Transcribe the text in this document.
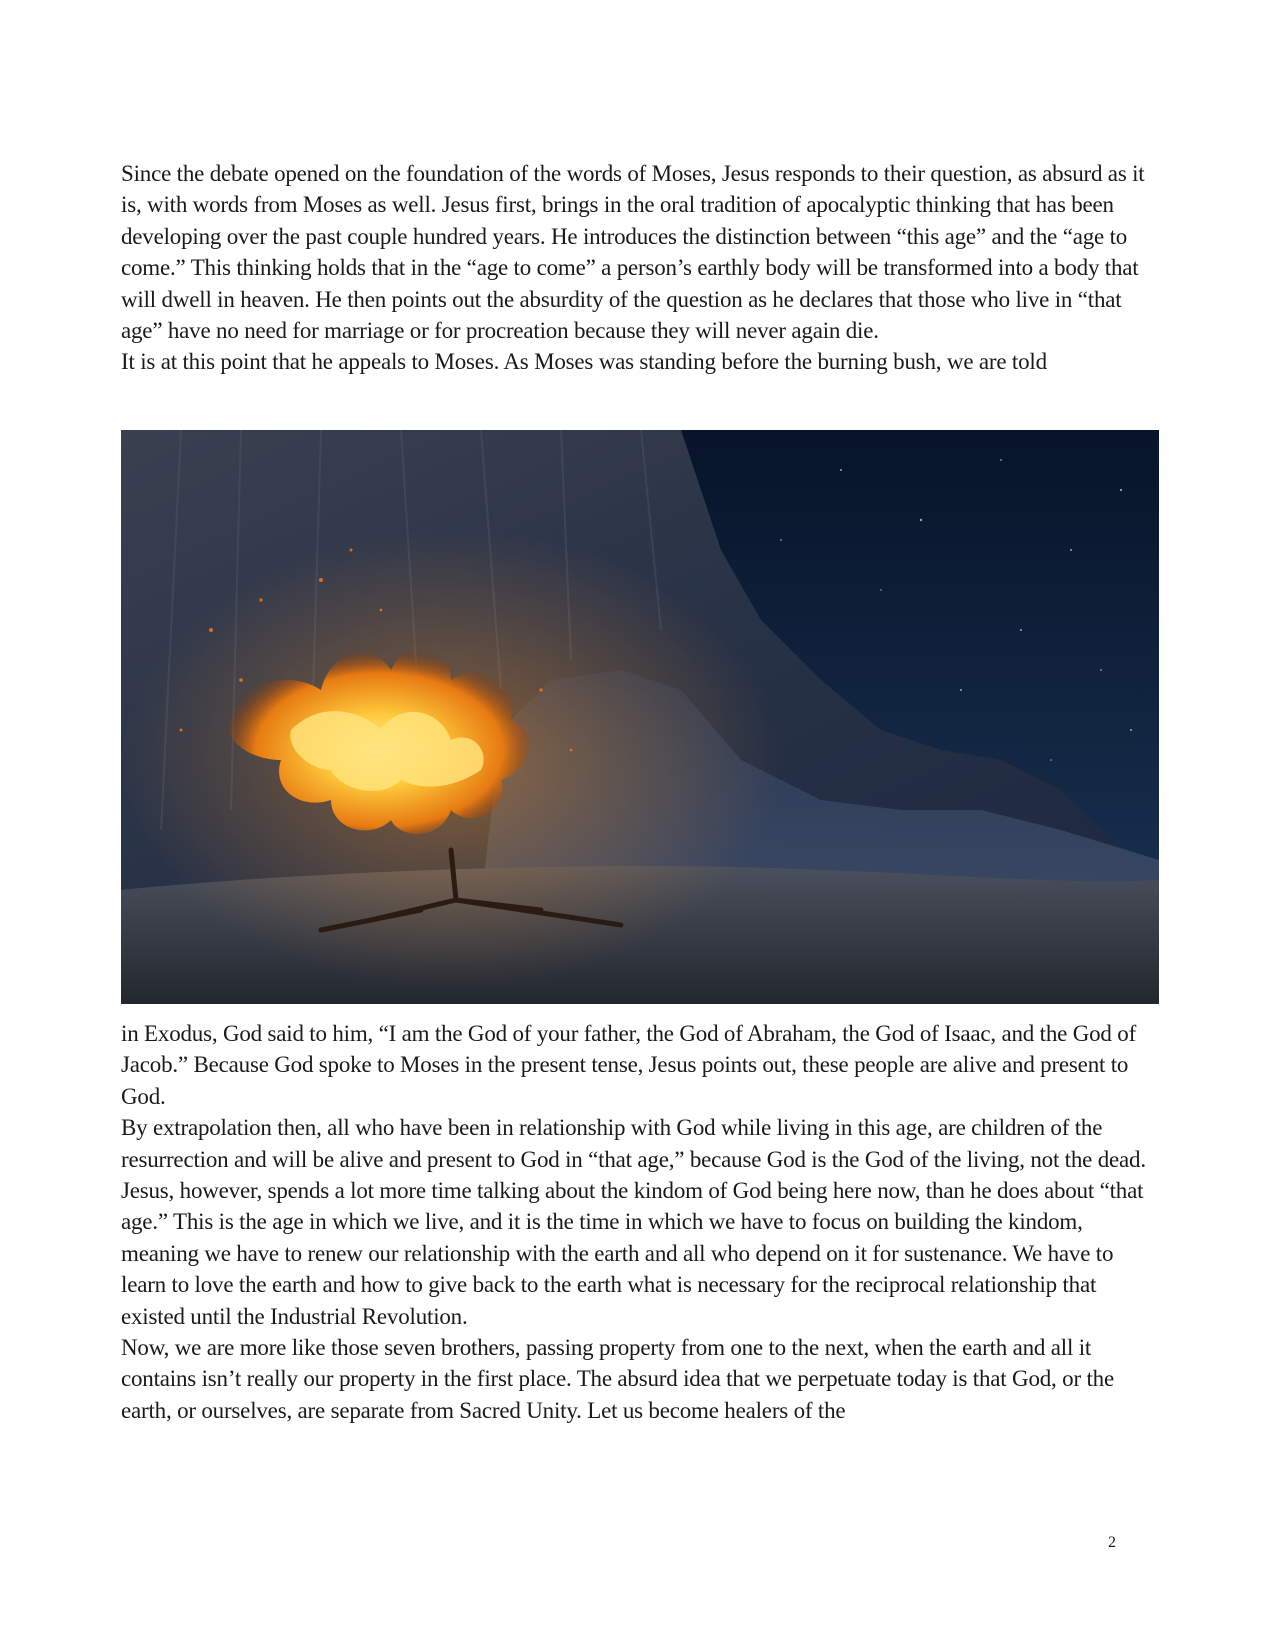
Since the debate opened on the foundation of the words of Moses, Jesus responds to their question, as absurd as it is, with words from Moses as well. Jesus first, brings in the oral tradition of apocalyptic thinking that has been developing over the past couple hundred years. He introduces the distinction between “this age” and the “age to come.” This thinking holds that in the “age to come” a person’s earthly body will be transformed into a body that will dwell in heaven. He then points out the absurdity of the question as he declares that those who live in “that age” have no need for marriage or for procreation because they will never again die.

It is at this point that he appeals to Moses. As Moses was standing before the burning bush, we are told

in Exodus, God said to him, “I am the God of your father, the God of Abraham, the God of Isaac, and the God of Jacob.” Because God spoke to Moses in the present tense, Jesus points out, these people are alive and present to God.

By extrapolation then, all who have been in relationship with God while living in this age, are children of the resurrection and will be alive and present to God in “that age,” because God is the God of the living, not the dead.

Jesus, however, spends a lot more time talking about the kindom of God being here now, than he does about “that age.” This is the age in which we live, and it is the time in which we have to focus on building the kindom, meaning we have to renew our relationship with the earth and all who depend on it for sustenance. We have to learn to love the earth and how to give back to the earth what is necessary for the reciprocal relationship that existed until the Industrial Revolution.

Now, we are more like those seven brothers, passing property from one to the next, when the earth and all it contains isn’t really our property in the first place. The absurd idea that we perpetuate today is that God, or the earth, or ourselves, are separate from Sacred Unity. Let us become healers of the

2
